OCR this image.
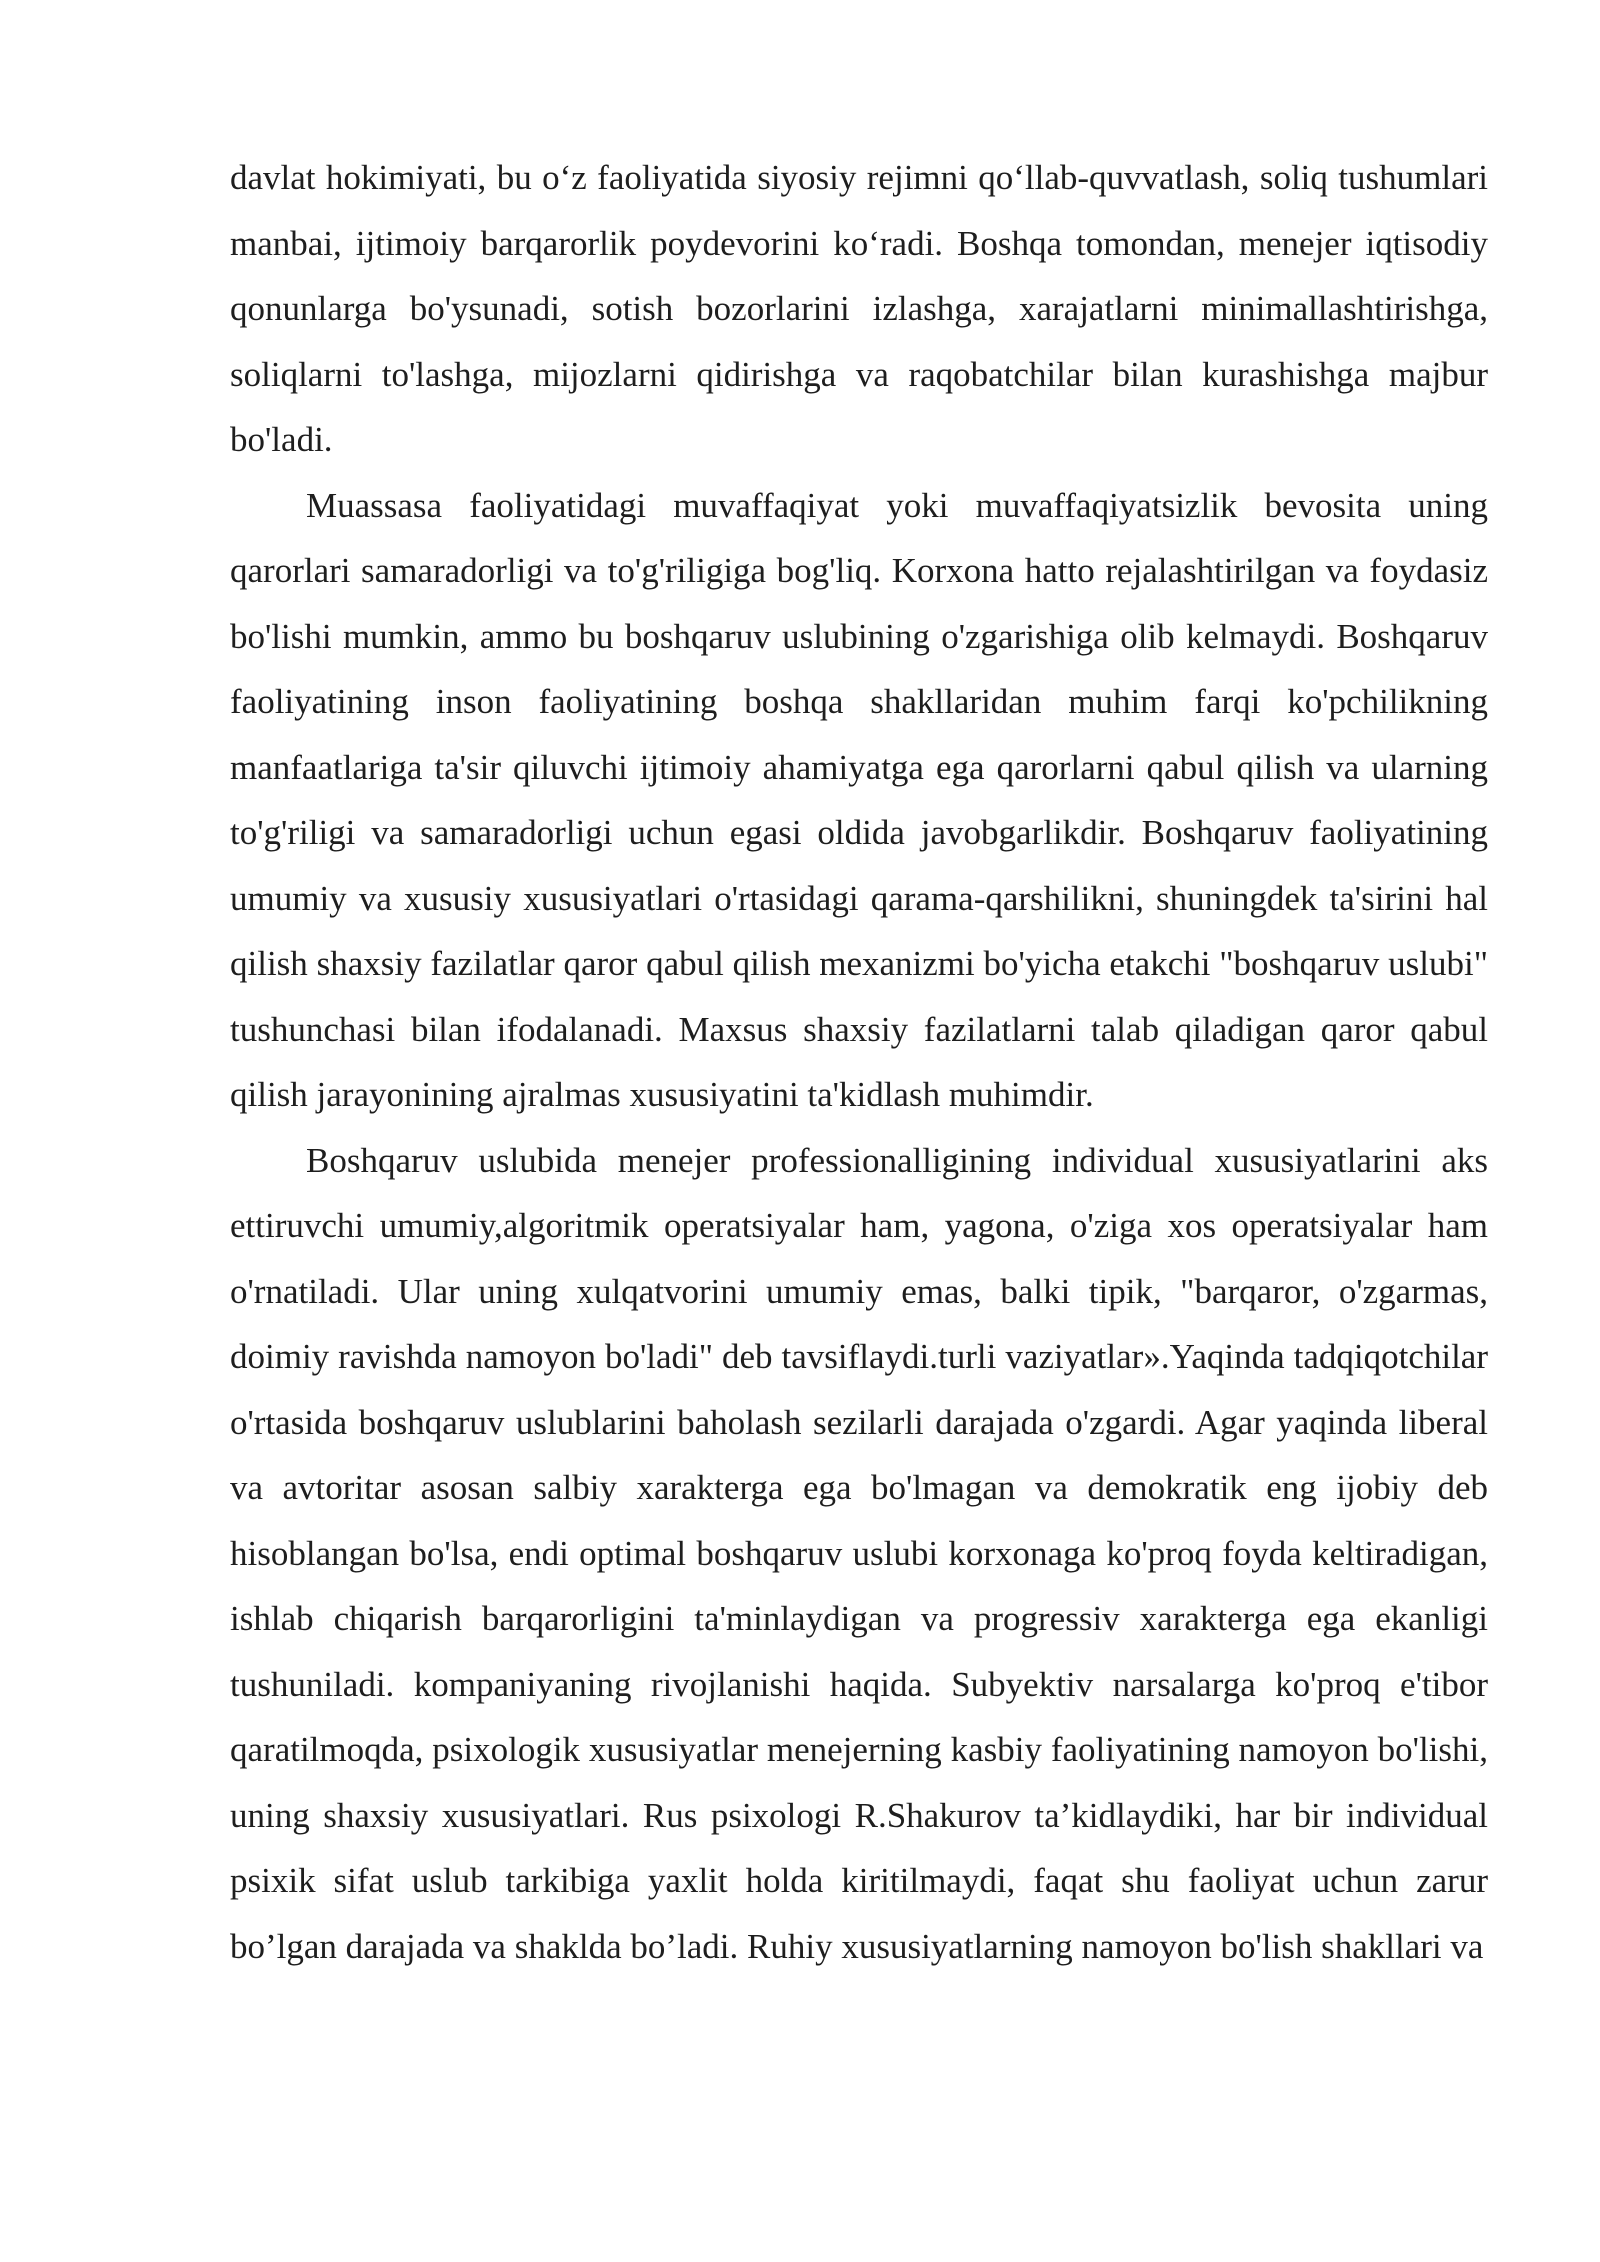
davlat hokimiyati, bu o‘z faoliyatida siyosiy rejimni qo‘llab-quvvatlash, soliq tushumlari manbai, ijtimoiy barqarorlik poydevorini ko‘radi. Boshqa tomondan, menejer iqtisodiy qonunlarga bo'ysunadi, sotish bozorlarini izlashga, xarajatlarni minimallashtirishga, soliqlarni to'lashga, mijozlarni qidirishga va raqobatchilar bilan kurashishga majbur bo'ladi.

Muassasa faoliyatidagi muvaffaqiyat yoki muvaffaqiyatsizlik bevosita uning qarorlari samaradorligi va to'g'riligiga bog'liq. Korxona hatto rejalashtirilgan va foydasiz bo'lishi mumkin, ammo bu boshqaruv uslubining o'zgarishiga olib kelmaydi. Boshqaruv faoliyatining inson faoliyatining boshqa shakllaridan muhim farqi ko'pchilikning manfaatlariga ta'sir qiluvchi ijtimoiy ahamiyatga ega qarorlarni qabul qilish va ularning to'g'riligi va samaradorligi uchun egasi oldida javobgarlikdir. Boshqaruv faoliyatining umumiy va xususiy xususiyatlari o'rtasidagi qarama-qarshilikni, shuningdek ta'sirini hal qilish shaxsiy fazilatlar qaror qabul qilish mexanizmi bo'yicha etakchi "boshqaruv uslubi" tushunchasi bilan ifodalanadi. Maxsus shaxsiy fazilatlarni talab qiladigan qaror qabul qilish jarayonining ajralmas xususiyatini ta'kidlash muhimdir.

Boshqaruv uslubida menejer professionalligining individual xususiyatlarini aks ettiruvchi umumiy,algoritmik operatsiyalar ham, yagona, o'ziga xos operatsiyalar ham o'rnatiladi. Ular uning xulqatvorini umumiy emas, balki tipik, "barqaror, o'zgarmas, doimiy ravishda namoyon bo'ladi" deb tavsiflaydi.turli vaziyatlar».Yaqinda tadqiqotchilar o'rtasida boshqaruv uslublarini baholash sezilarli darajada o'zgardi. Agar yaqinda liberal va avtoritar asosan salbiy xarakterga ega bo'lmagan va demokratik eng ijobiy deb hisoblangan bo'lsa, endi optimal boshqaruv uslubi korxonaga ko'proq foyda keltiradigan, ishlab chiqarish barqarorligini ta'minlaydigan va progressiv xarakterga ega ekanligi tushuniladi. kompaniyaning rivojlanishi haqida. Subyektiv narsalarga ko'proq e'tibor qaratilmoqda, psixologik xususiyatlar menejerning kasbiy faoliyatining namoyon bo'lishi, uning shaxsiy xususiyatlari. Rus psixologi R.Shakurov ta’kidlaydiki, har bir individual psixik sifat uslub tarkibiga yaxlit holda kiritilmaydi, faqat shu faoliyat uchun zarur bo’lgan darajada va shaklda bo’ladi. Ruhiy xususiyatlarning namoyon bo'lish shakllari va
